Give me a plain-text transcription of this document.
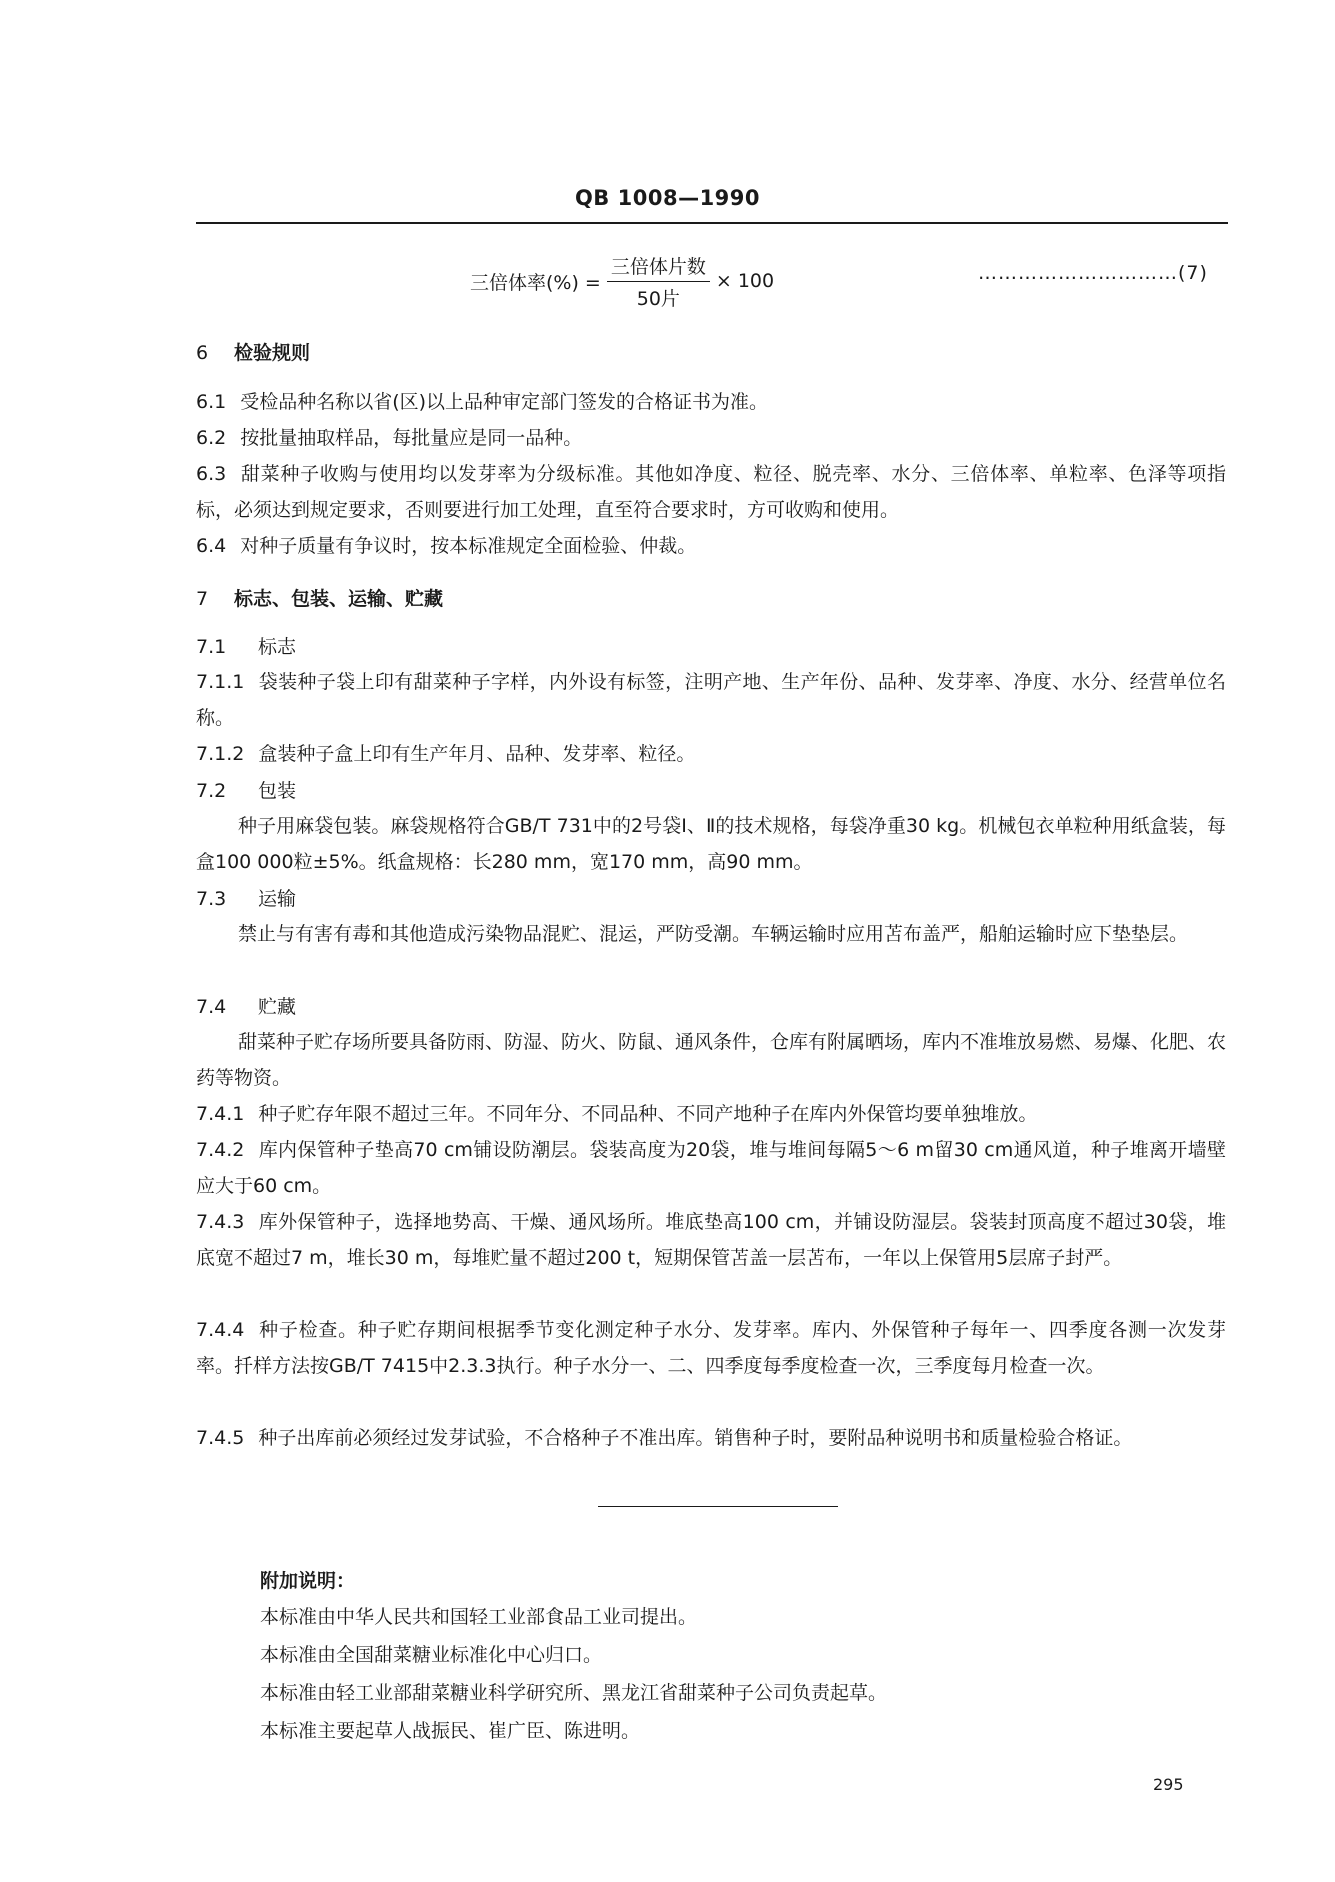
QB 1008—1990
三倍体率(%) = $\frac{\text{三倍体片数}}{\text{50片}} \times 100$	…………………………(7)
6 检验规则
6.1 受检品种名称以省(区)以上品种审定部门签发的合格证书为准。
6.2 按批量抽取样品，每批量应是同一品种。
6.3 甜菜种子收购与使用均以发芽率为分级标准。其他如净度、粒径、脱壳率、水分、三倍体率、单粒率、色泽等项指标，必须达到规定要求，否则要进行加工处理，直至符合要求时，方可收购和使用。
6.4 对种子质量有争议时，按本标准规定全面检验、仲裁。
7 标志、包装、运输、贮藏
7.1 标志
7.1.1 袋装种子袋上印有甜菜种子字样，内外设有标签，注明产地、生产年份、品种、发芽率、净度、水分、经营单位名称。
7.1.2 盒装种子盒上印有生产年月、品种、发芽率、粒径。
7.2 包装
种子用麻袋包装。麻袋规格符合GB/T 731中的2号袋Ⅰ、Ⅱ的技术规格，每袋净重30 kg。机械包衣单粒种用纸盒装，每盒100 000粒±5%。纸盒规格：长280 mm，宽170 mm，高90 mm。
7.3 运输
禁止与有害有毒和其他造成污染物品混贮、混运，严防受潮。车辆运输时应用苫布盖严，船舶运输时应下垫垫层。
7.4 贮藏
甜菜种子贮存场所要具备防雨、防湿、防火、防鼠、通风条件，仓库有附属晒场，库内不准堆放易燃、易爆、化肥、农药等物资。
7.4.1 种子贮存年限不超过三年。不同年分、不同品种、不同产地种子在库内外保管均要单独堆放。
7.4.2 库内保管种子垫高70 cm铺设防潮层。袋装高度为20袋，堆与堆间每隔5～6 m留30 cm通风道，种子堆离开墙壁应大于60 cm。
7.4.3 库外保管种子，选择地势高、干燥、通风场所。堆底垫高100 cm，并铺设防湿层。袋装封顶高度不超过30袋，堆底宽不超过7 m，堆长30 m，每堆贮量不超过200 t，短期保管苫盖一层苫布，一年以上保管用5层席子封严。
7.4.4 种子检查。种子贮存期间根据季节变化测定种子水分、发芽率。库内、外保管种子每年一、四季度各测一次发芽率。扦样方法按GB/T 7415中2.3.3执行。种子水分一、二、四季度每季度检查一次，三季度每月检查一次。
7.4.5 种子出库前必须经过发芽试验，不合格种子不准出库。销售种子时，要附品种说明书和质量检验合格证。
附加说明：
本标准由中华人民共和国轻工业部食品工业司提出。
本标准由全国甜菜糖业标准化中心归口。
本标准由轻工业部甜菜糖业科学研究所、黑龙江省甜菜种子公司负责起草。
本标准主要起草人战振民、崔广臣、陈进明。
295
